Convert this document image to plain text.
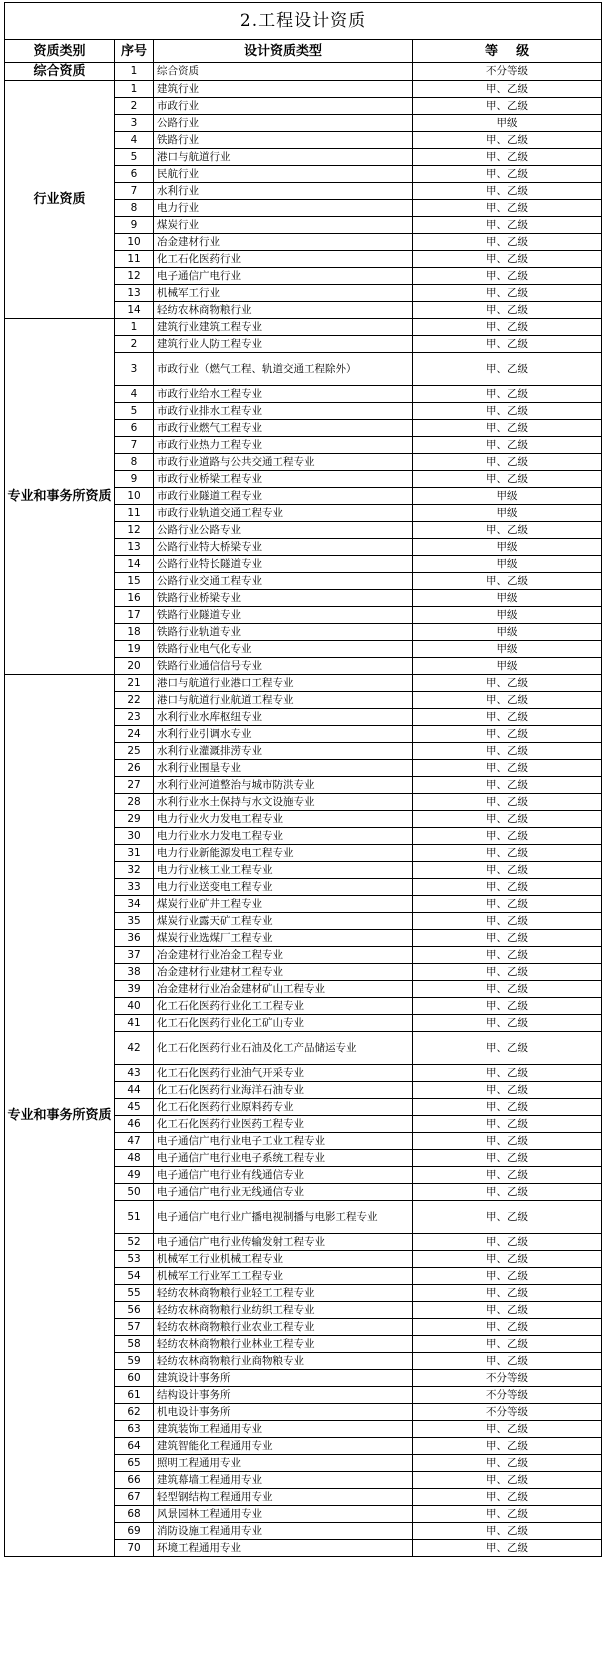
2.工程设计资质			
资质类别	序号	设计资质类型	等    级
综合资质	1	综合资质	不分等级
行业资质	1	建筑行业	甲、乙级
	2	市政行业	甲、乙级
	3	公路行业	甲级
	4	铁路行业	甲、乙级
	5	港口与航道行业	甲、乙级
	6	民航行业	甲、乙级
	7	水利行业	甲、乙级
	8	电力行业	甲、乙级
	9	煤炭行业	甲、乙级
	10	冶金建材行业	甲、乙级
	11	化工石化医药行业	甲、乙级
	12	电子通信广电行业	甲、乙级
	13	机械军工行业	甲、乙级
	14	轻纺农林商物粮行业	甲、乙级
专业和事务所资质	1	建筑行业建筑工程专业	甲、乙级
	2	建筑行业人防工程专业	甲、乙级
	3	市政行业（燃气工程、轨道交通工程除外）	甲、乙级
	4	市政行业给水工程专业	甲、乙级
	5	市政行业排水工程专业	甲、乙级
	6	市政行业燃气工程专业	甲、乙级
	7	市政行业热力工程专业	甲、乙级
	8	市政行业道路与公共交通工程专业	甲、乙级
	9	市政行业桥梁工程专业	甲、乙级
	10	市政行业隧道工程专业	甲级
	11	市政行业轨道交通工程专业	甲级
	12	公路行业公路专业	甲、乙级
	13	公路行业特大桥梁专业	甲级
	14	公路行业特长隧道专业	甲级
	15	公路行业交通工程专业	甲、乙级
	16	铁路行业桥梁专业	甲级
	17	铁路行业隧道专业	甲级
	18	铁路行业轨道专业	甲级
	19	铁路行业电气化专业	甲级
	20	铁路行业通信信号专业	甲级
专业和事务所资质	21	港口与航道行业港口工程专业	甲、乙级
	22	港口与航道行业航道工程专业	甲、乙级
	23	水利行业水库枢纽专业	甲、乙级
	24	水利行业引调水专业	甲、乙级
	25	水利行业灌溉排涝专业	甲、乙级
	26	水利行业围垦专业	甲、乙级
	27	水利行业河道整治与城市防洪专业	甲、乙级
	28	水利行业水土保持与水文设施专业	甲、乙级
	29	电力行业火力发电工程专业	甲、乙级
	30	电力行业水力发电工程专业	甲、乙级
	31	电力行业新能源发电工程专业	甲、乙级
	32	电力行业核工业工程专业	甲、乙级
	33	电力行业送变电工程专业	甲、乙级
	34	煤炭行业矿井工程专业	甲、乙级
	35	煤炭行业露天矿工程专业	甲、乙级
	36	煤炭行业选煤厂工程专业	甲、乙级
	37	冶金建材行业冶金工程专业	甲、乙级
	38	冶金建材行业建材工程专业	甲、乙级
	39	冶金建材行业冶金建材矿山工程专业	甲、乙级
	40	化工石化医药行业化工工程专业	甲、乙级
	41	化工石化医药行业化工矿山专业	甲、乙级
	42	化工石化医药行业石油及化工产品储运专业	甲、乙级
	43	化工石化医药行业油气开采专业	甲、乙级
	44	化工石化医药行业海洋石油专业	甲、乙级
	45	化工石化医药行业原料药专业	甲、乙级
	46	化工石化医药行业医药工程专业	甲、乙级
	47	电子通信广电行业电子工业工程专业	甲、乙级
	48	电子通信广电行业电子系统工程专业	甲、乙级
	49	电子通信广电行业有线通信专业	甲、乙级
	50	电子通信广电行业无线通信专业	甲、乙级
	51	电子通信广电行业广播电视制播与电影工程专业	甲、乙级
	52	电子通信广电行业传输发射工程专业	甲、乙级
	53	机械军工行业机械工程专业	甲、乙级
	54	机械军工行业军工工程专业	甲、乙级
	55	轻纺农林商物粮行业轻工工程专业	甲、乙级
	56	轻纺农林商物粮行业纺织工程专业	甲、乙级
	57	轻纺农林商物粮行业农业工程专业	甲、乙级
	58	轻纺农林商物粮行业林业工程专业	甲、乙级
	59	轻纺农林商物粮行业商物粮专业	甲、乙级
	60	建筑设计事务所	不分等级
	61	结构设计事务所	不分等级
	62	机电设计事务所	不分等级
	63	建筑装饰工程通用专业	甲、乙级
	64	建筑智能化工程通用专业	甲、乙级
	65	照明工程通用专业	甲、乙级
	66	建筑幕墙工程通用专业	甲、乙级
	67	轻型钢结构工程通用专业	甲、乙级
	68	风景园林工程通用专业	甲、乙级
	69	消防设施工程通用专业	甲、乙级
	70	环境工程通用专业	甲、乙级
